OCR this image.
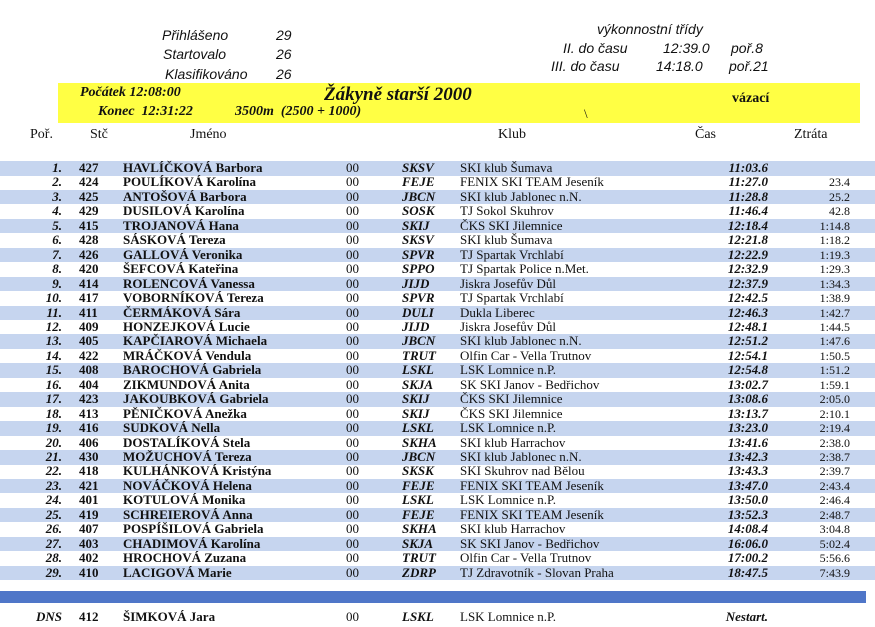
Přihlášeno	29
Startovalo	26
Klasifikováno 26
výkonnostní třídy
II. do času	12:39.0 poř.8
III. do času	14:18.0 poř.21
Počátek 12:08:00
Konec  12:31:22	3500m  (2500 + 1000)
Žákyně starší 2000	vázací
\
Poř.	Stč	Jméno	Klub	Čas	Ztráta
1. 427 HAVLÍČKOVÁ Barbora	00	SKSV SKI klub Šumava	11:03.6
2. 424 POULÍKOVÁ Karolína	00	FEJE FENIX SKI TEAM Jeseník	11:27.0	23.4
3. 425 ANTOŠOVÁ Barbora	00	JBCN SKI klub Jablonec n.N.	11:28.8	25.2
4. 429 DUSILOVÁ Karolína	00	SOSK TJ Sokol Skuhrov	11:46.4	42.8
5. 415 TROJANOVÁ Hana	00	SKIJ ČKS SKI Jilemnice	12:18.4	1:14.8
6. 428 SÁSKOVÁ Tereza	00	SKSV SKI klub Šumava	12:21.8	1:18.2
7. 426 GALLOVÁ Veronika	00	SPVR TJ Spartak Vrchlabí	12:22.9	1:19.3
8. 420 ŠEFCOVÁ Kateřina	00	SPPO TJ Spartak Police n.Met.	12:32.9	1:29.3
9. 414 ROLENCOVÁ Vanessa	00	JIJD Jiskra Josefův Důl	12:37.9	1:34.3
10. 417 VOBORNÍKOVÁ Tereza	00	SPVR TJ Spartak Vrchlabí	12:42.5	1:38.9
11. 411 ČERMÁKOVÁ Sára	00	DULI Dukla Liberec	12:46.3	1:42.7
12. 409 HONZEJKOVÁ Lucie	00	JIJD Jiskra Josefův Důl	12:48.1	1:44.5
13. 405 KAPČIAROVÁ Michaela	00	JBCN SKI klub Jablonec n.N.	12:51.2	1:47.6
14. 422 MRÁČKOVÁ Vendula	00	TRUT Olfin Car - Vella Trutnov	12:54.1	1:50.5
15. 408 BAROCHOVÁ Gabriela	00	LSKL LSK Lomnice n.P.	12:54.8	1:51.2
16. 404 ZIKMUNDOVÁ Anita	00	SKJA SK SKI Janov - Bedřichov	13:02.7	1:59.1
17. 423 JAKOUBKOVÁ Gabriela	00	SKIJ ČKS SKI Jilemnice	13:08.6	2:05.0
18. 413 PĚNIČKOVÁ Anežka	00	SKIJ ČKS SKI Jilemnice	13:13.7	2:10.1
19. 416 SUDKOVÁ Nella	00	LSKL LSK Lomnice n.P.	13:23.0	2:19.4
20. 406 DOSTALÍKOVÁ Stela	00	SKHA SKI klub Harrachov	13:41.6	2:38.0
21. 430 MOŽUCHOVÁ Tereza	00	JBCN SKI klub Jablonec n.N.	13:42.3	2:38.7
22. 418 KULHÁNKOVÁ Kristýna	00	SKSK SKI Skuhrov nad Bělou	13:43.3	2:39.7
23. 421 NOVÁČKOVÁ Helena	00	FEJE FENIX SKI TEAM Jeseník	13:47.0	2:43.4
24. 401 KOTULOVÁ Monika	00	LSKL LSK Lomnice n.P.	13:50.0	2:46.4
25. 419 SCHREIEROVÁ Anna	00	FEJE FENIX SKI TEAM Jeseník	13:52.3	2:48.7
26. 407 POSPÍŠILOVÁ Gabriela	00	SKHA SKI klub Harrachov	14:08.4	3:04.8
27. 403 CHADIMOVÁ Karolína	00	SKJA SK SKI Janov - Bedřichov	16:06.0	5:02.4
28. 402 HROCHOVÁ Zuzana	00	TRUT Olfin Car - Vella Trutnov	17:00.2	5:56.6
29. 410 LACIGOVÁ Marie	00	ZDRP TJ Zdravotník - Slovan Praha	18:47.5	7:43.9
DNS 412 ŠIMKOVÁ Jara	00	LSKL LSK Lomnice n.P.	Nestart.
